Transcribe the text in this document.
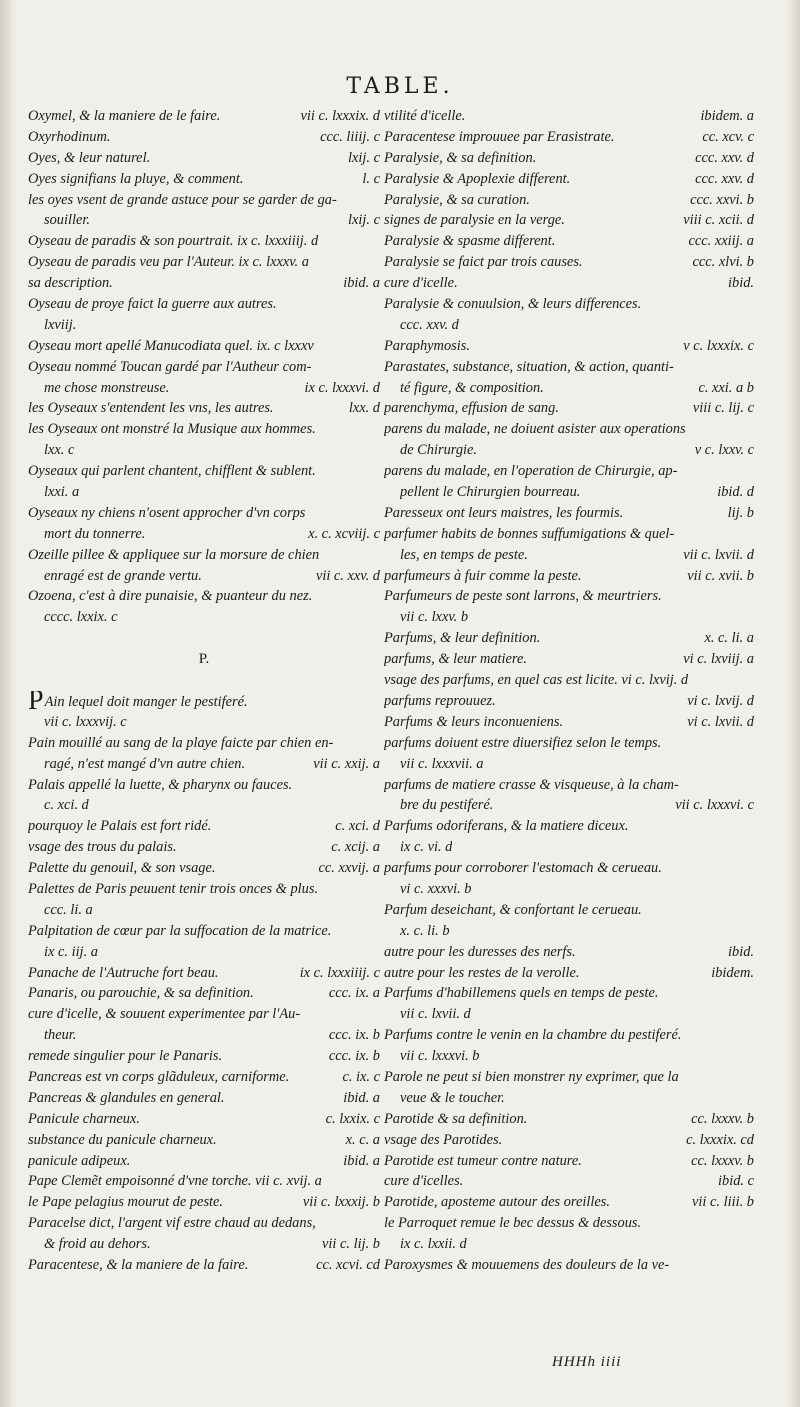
TABLE.
Oxymel, & la maniere de le faire.	vii c. lxxxix. d
Oxyrhodinum.	ccc. liiij. c
Oyes, & leur naturel.	lxij. c
Oyes signifians la pluye, & comment.	l. c
les oyes vsent de grande astuce pour se garder de ga-
souiller.	lxij. c
Oyseau de paradis & son pourtrait. ix c. lxxxiiij. d
Oyseau de paradis veu par l'Auteur. ix c. lxxxv. a
sa description.	ibid. a
Oyseau de proye faict la guerre aux autres.
lxviij.
Oyseau mort apellé Manucodiata quel. ix. c lxxxv
Oyseau nommé Toucan gardé par l'Autheur com-
me chose monstreuse.	ix c. lxxxvi. d
les Oyseaux s'entendent les vns, les autres.	lxx. d
les Oyseaux ont monstré la Musique aux hommes.
lxx. c
Oyseaux qui parlent chantent, chifflent & sublent.
lxxi. a
Oyseaux ny chiens n'osent approcher d'vn corps
mort du tonnerre.	x. c. xcviij. c
Ozeille pillee & appliquee sur la morsure de chien
enragé est de grande vertu.	vii c. xxv. d
Ozoena, c'est à dire punaisie, & puanteur du nez.
cccc. lxxix. c
P.
PAin lequel doit manger le pestiferé.
vii c. lxxxvij. c
Pain mouillé au sang de la playe faicte par chien en-
ragé, n'est mangé d'vn autre chien.	vii c. xxij. a
Palais appellé la luette, & pharynx ou fauces.
c. xci. d
pourquoy le Palais est fort ridé.	c. xci. d
vsage des trous du palais.	c. xcij. a
Palette du genouil, & son vsage.	cc. xxvij. a
Palettes de Paris peuuent tenir trois onces & plus.
ccc. li. a
Palpitation de cœur par la suffocation de la matrice.
ix c. iij. a
Panache de l'Autruche fort beau.	ix c. lxxxiiij. c
Panaris, ou parouchie, & sa definition.	ccc. ix. a
cure d'icelle, & souuent experimentee par l'Au-
theur.	ccc. ix. b
remede singulier pour le Panaris.	ccc. ix. b
Pancreas est vn corps glãduleux, carniforme.	c. ix. c
Pancreas & glandules en general.	ibid. a
Panicule charneux.	c. lxxix. c
substance du panicule charneux.	x. c. a
panicule adipeux.	ibid. a
Pape Clemẽt empoisonné d'vne torche. vii c. xvij. a
le Pape pelagius mourut de peste.	vii c. lxxxij. b
Paracelse dict, l'argent vif estre chaud au dedans,
& froid au dehors.	vii c. lij. b
Paracentese, & la maniere de la faire.	cc. xcvi. cd
vtilité d'icelle.	ibidem. a
Paracentese improuuee par Erasistrate.	cc. xcv. c
Paralysie, & sa definition.	ccc. xxv. d
Paralysie & Apoplexie different.	ccc. xxv. d
Paralysie, & sa curation.	ccc. xxvi. b
signes de paralysie en la verge.	viii c. xcii. d
Paralysie & spasme different.	ccc. xxiij. a
Paralysie se faict par trois causes.	ccc. xlvi. b
cure d'icelle.	ibid.
Paralysie & conuulsion, & leurs differences.
ccc. xxv. d
Paraphymosis.	v c. lxxxix. c
Parastates, substance, situation, & action, quanti-
té figure, & composition.	c. xxi. a b
parenchyma, effusion de sang.	viii c. lij. c
parens du malade, ne doiuent asister aux operations
de Chirurgie.	v c. lxxv. c
parens du malade, en l'operation de Chirurgie, ap-
pellent le Chirurgien bourreau.	ibid. d
Paresseux ont leurs maistres, les fourmis.	lij. b
parfumer habits de bonnes suffumigations & quel-
les, en temps de peste.	vii c. lxvii. d
parfumeurs à fuir comme la peste.	vii c. xvii. b
Parfumeurs de peste sont larrons, & meurtriers.
vii c. lxxv. b
Parfums, & leur definition.	x. c. li. a
parfums, & leur matiere.	vi c. lxviij. a
vsage des parfums, en quel cas est licite. vi c. lxvij. d
parfums reprouuez.	vi c. lxvij. d
Parfums & leurs inconueniens.	vi c. lxvii. d
parfums doiuent estre diuersifiez selon le temps.
vii c. lxxxvii. a
parfums de matiere crasse & visqueuse, à la cham-
bre du pestiferé.	vii c. lxxxvi. c
Parfums odoriferans, & la matiere diceux.
ix c. vi. d
parfums pour corroborer l'estomach & cerueau.
vi c. xxxvi. b
Parfum deseichant, & confortant le cerueau.
x. c. li. b
autre pour les duresses des nerfs.	ibid.
autre pour les restes de la verolle.	ibidem.
Parfums d'habillemens quels en temps de peste.
vii c. lxvii. d
Parfums contre le venin en la chambre du pestiferé.
vii c. lxxxvi. b
Parole ne peut si bien monstrer ny exprimer, que la
veue & le toucher.
Parotide & sa definition.	cc. lxxxv. b
vsage des Parotides.	c. lxxxix. cd
Parotide est tumeur contre nature.	cc. lxxxv. b
cure d'icelles.	ibid. c
Parotide, aposteme autour des oreilles.	vii c. liii. b
le Parroquet remue le bec dessus & dessous.
ix c. lxxii. d
Paroxysmes & mouuemens des douleurs de la ve-
HHHh iiii
